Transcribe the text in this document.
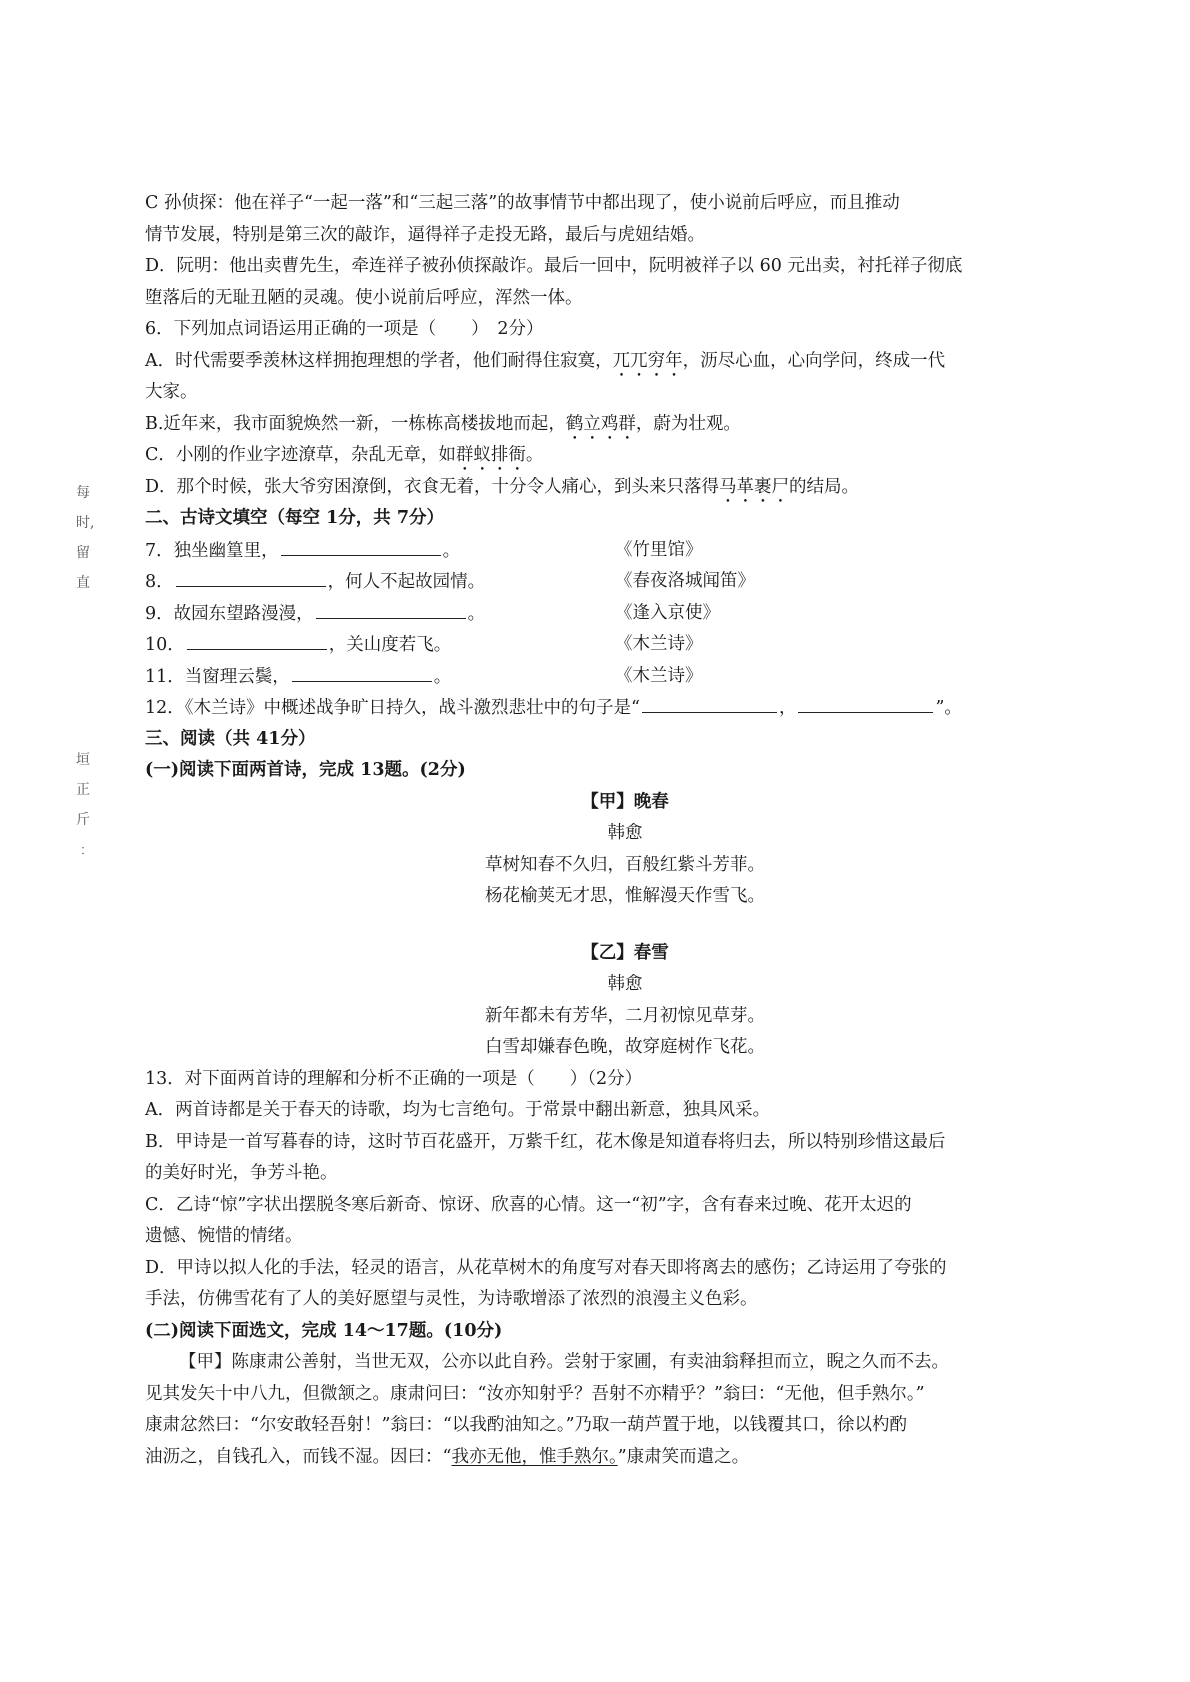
每
时,
留
直
垣
正
斤
﹕
C 孙侦探：他在祥子“一起一落”和“三起三落”的故事情节中都出现了，使小说前后呼应，而且推动
情节发展，特别是第三次的敲诈，逼得祥子走投无路，最后与虎妞结婚。
D．阮明：他出卖曹先生，牵连祥子被孙侦探敲诈。最后一回中，阮明被祥子以 60 元出卖，衬托祥子彻底
堕落后的无耻丑陋的灵魂。使小说前后呼应，浑然一体。
6．下列加点词语运用正确的一项是（　　）　2分）
A．时代需要季羡林这样拥抱理想的学者，他们耐得住寂寞，兀兀穷年，沥尽心血，心向学问，终成一代
大家。
B.近年来，我市面貌焕然一新，一栋栋高楼拔地而起，鹤立鸡群，蔚为壮观。
C．小刚的作业字迹潦草，杂乱无章，如群蚁排衙。
D．那个时候，张大爷穷困潦倒，衣食无着，十分令人痛心，到头来只落得马革裹尸的结局。
二、古诗文填空（每空 1分，共 7分）
7．独坐幽篁里，	。	《竹里馆》
8．	，何人不起故园情。	《春夜洛城闻笛》
9．故园东望路漫漫，	。	《逢入京使》
10．	，关山度若飞。	《木兰诗》
11．当窗理云鬓，	。	《木兰诗》
12．《木兰诗》中概述战争旷日持久，战斗激烈悲壮中的句子是“	，	”。
三、阅读（共 41分）
(一)阅读下面两首诗，完成 13题。(2分)
【甲】晚春
韩愈
草树知春不久归，百般红紫斗芳菲。
杨花榆荚无才思，惟解漫天作雪飞。
【乙】春雪
韩愈
新年都未有芳华，二月初惊见草芽。
白雪却嫌春色晚，故穿庭树作飞花。
13．对下面两首诗的理解和分析不正确的一项是（　　）（2分）
A．两首诗都是关于春天的诗歌，均为七言绝句。于常景中翻出新意，独具风采。
B．甲诗是一首写暮春的诗，这时节百花盛开，万紫千红，花木像是知道春将归去，所以特别珍惜这最后
的美好时光，争芳斗艳。
C．乙诗“惊”字状出摆脱冬寒后新奇、惊讶、欣喜的心情。这一“初”字，含有春来过晚、花开太迟的
遗憾、惋惜的情绪。
D．甲诗以拟人化的手法，轻灵的语言，从花草树木的角度写对春天即将离去的感伤；乙诗运用了夸张的
手法，仿佛雪花有了人的美好愿望与灵性，为诗歌增添了浓烈的浪漫主义色彩。
(二)阅读下面选文，完成 14～17题。(10分)
【甲】陈康肃公善射，当世无双，公亦以此自矜。尝射于家圃，有卖油翁释担而立，睨之久而不去。
见其发矢十中八九，但微颔之。康肃问曰：“汝亦知射乎？吾射不亦精乎？”翁曰：“无他，但手熟尔。”
康肃忿然曰：“尔安敢轻吾射！”翁曰：“以我酌油知之。”乃取一葫芦置于地，以钱覆其口，徐以杓酌
油沥之，自钱孔入，而钱不湿。因曰：“我亦无他，惟手熟尔。”康肃笑而遣之。
